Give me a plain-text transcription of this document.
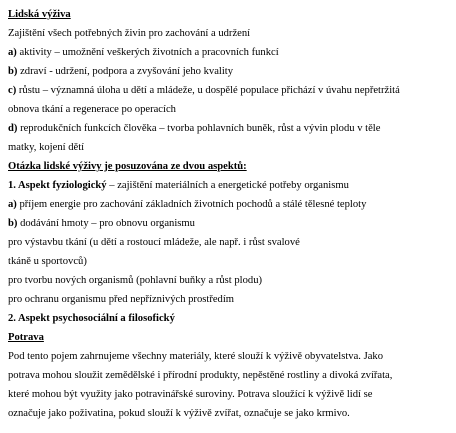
Lidská výživa
Zajištění všech potřebných živin pro zachování a udržení
a) aktivity – umožnění veškerých životních a pracovních funkcí
b) zdraví - udržení, podpora a zvyšování jeho kvality
c) růstu – významná úloha u dětí a mládeže, u dospělé populace přichází v úvahu nepřetržitá
obnova tkání a regenerace po operacích
d) reprodukčních funkcích člověka – tvorba pohlavních buněk, růst a vývin plodu v těle
matky, kojení dětí
Otázka lidské výživy je posuzována ze dvou aspektů:
1. Aspekt fyziologický – zajištění materiálních a energetické potřeby organismu
a) příjem energie pro zachování základních životních pochodů a stálé tělesné teploty
b) dodávání hmoty – pro obnovu organismu
pro výstavbu tkání (u dětí a rostoucí mládeže, ale např. i růst svalové
tkáně u sportovců)
pro tvorbu nových organismů (pohlavní buňky a růst plodu)
pro ochranu organismu před nepříznivých prostředím
2. Aspekt psychosociální a filosofický
Potrava
Pod tento pojem zahrnujeme všechny materiály, které slouží k výživě obyvatelstva. Jako
potrava mohou sloužit zemědělské i přírodní produkty, nepěstěné rostliny a divoká zvířata,
které mohou být využity jako potravinářské suroviny. Potrava sloužící k výživě lidí se
označuje jako poživatina, pokud slouží k výživě zvířat, označuje se jako krmivo.
